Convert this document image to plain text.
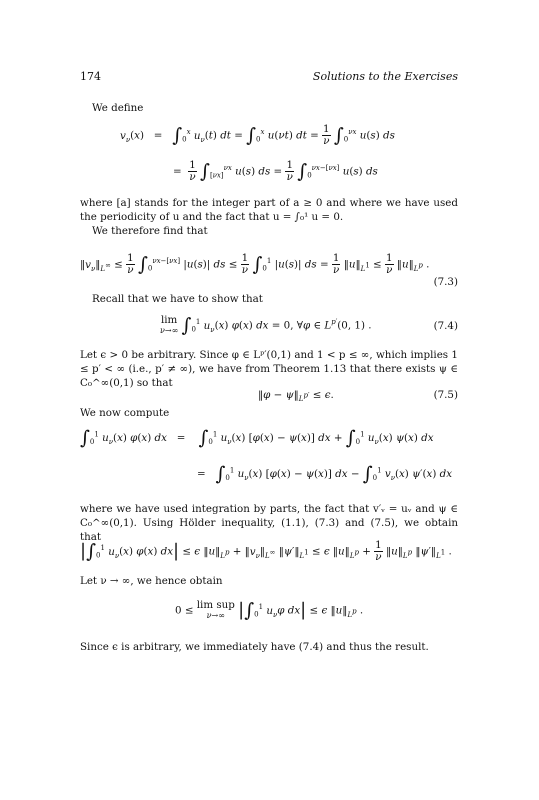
174	Solutions to the Exercises
We define
$v_\nu(x) = \int_0^x$ $u_\nu(t)$ dt = $\int_0^x$ u(νt) dt = $\frac{1}{\nu} \int_0^{\nu x}$ u(s) ds
= $\frac{1}{\nu} \int_{[\nu x]}^{\nu x}$ u(s) ds = $\frac{1}{\nu} \int_0^{\nu x-[\nu x]}$ u(s) ds
where [a] stands for the integer part of a ≥ 0 and where we have used the periodicity of u and the fact that u = ∫₀¹ u = 0.
We therefore find that
$‖v_\nu‖_{L^\infty} \le \frac{1}{\nu} \int_0^{\nu x-[\nu x]}$ |u(s)| ds ≤ $\frac{1}{\nu} \int_0^1$ |u(s)| ds = $\frac{1}{\nu}$ $‖u‖_{L^1} \le \frac{1}{\nu}$ $‖u‖_{L^p}$ .
(7.3)
Recall that we have to show that
lim
ν→∞ $\int_0^1$ $u_\nu(x)$ φ(x) dx = 0, ∀φ ∈ $L^{p'}(0$, 1) .	(7.4)
Let ϵ > 0 be arbitrary. Since φ ∈ Lᵖ′(0,1) and 1 < p ≤ ∞, which implies 1 ≤ p′ < ∞ (i.e., p′ ≠ ∞), we have from Theorem 1.13 that there exists ψ ∈ C₀^∞(0,1) so that
‖φ − $\psi‖_{L^{p'}} \le \epsilon$.	(7.5)
We now compute
$\int_0^1$ $u_\nu(x)$ φ(x) dx   =    $\int_0^1$ $u_\nu(x) [\varphi(x) - \psi(x)]$ dx + $\int_0^1$ $u_\nu(x)$ ψ(x) dx
=   $\int_0^1$ $u_\nu(x) [\varphi(x) - \psi(x)]$ dx − $\int_0^1$ $v_\nu(x)$ ψ′(x) dx
where we have used integration by parts, the fact that v′ᵥ = uᵥ and ψ ∈ C₀^∞(0,1). Using Hölder inequality, (1.1), (7.3) and (7.5), we obtain that
$|\int_0^1$ $u_\nu(x)$ φ(x) dx| ≤ ϵ $‖u‖_{L^p}$ + $‖v_\nu‖_{L^\infty}$ $‖\psi'‖_{L^1} \le \epsilon$ $‖u‖_{L^p} + \frac{1}{\nu}$ $‖u‖_{L^p}$ $‖\psi'‖_{L^1}$ .
Let ν → ∞, we hence obtain
0 ≤ lim sup
ν→∞ $|\int_0^1$ $u_\nu\varphi$ dx| ≤ ϵ $‖u‖_{L^p}$ .
Since ϵ is arbitrary, we immediately have (7.4) and thus the result.
